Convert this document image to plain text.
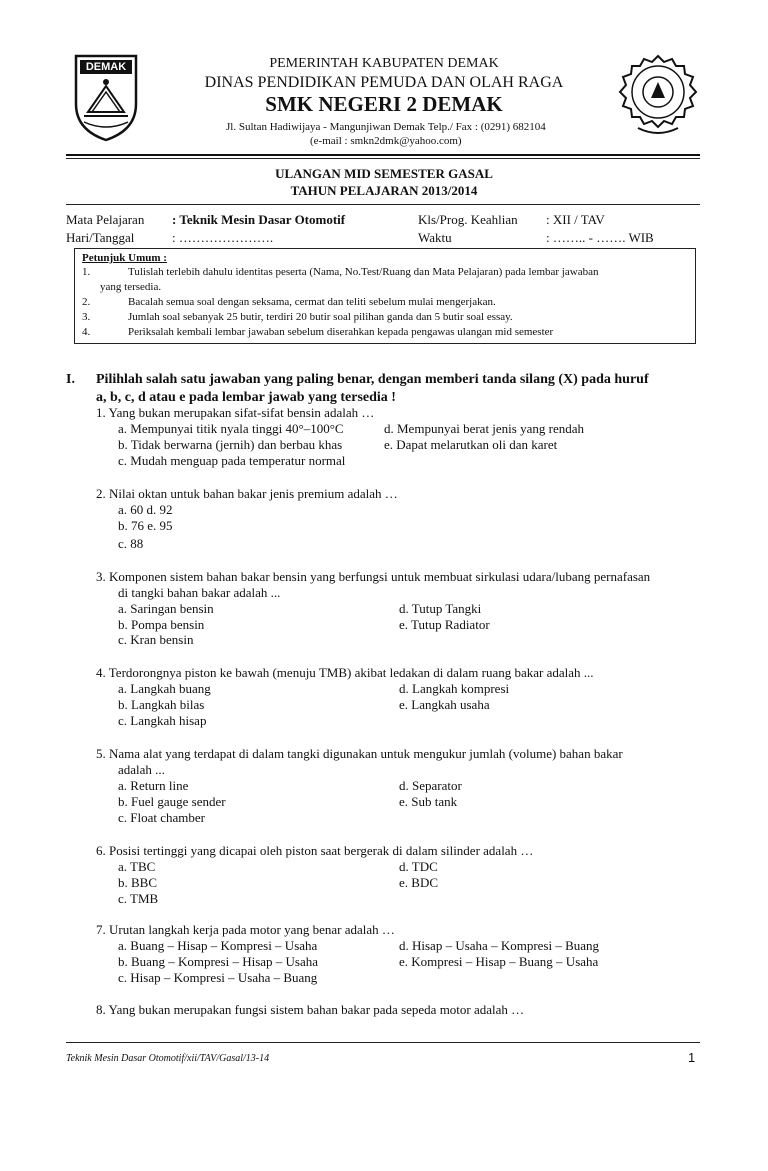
DEMAK	PEMERINTAH KABUPATEN DEMAK
DINAS PENDIDIKAN PEMUDA DAN OLAH RAGA
SMK NEGERI 2 DEMAK
Jl. Sultan Hadiwijaya - Mangunjiwan Demak Telp./ Fax : (0291) 682104
(e-mail : smkn2dmk@yahoo.com)
ULANGAN MID SEMESTER GASAL
TAHUN PELAJARAN 2013/2014
Mata Pelajaran : Teknik Mesin Dasar Otomotif	Kls/Prog. Keahlian : XII / TAV
Hari/Tanggal	: ………………….	Waktu	: …….. - ……. WIB
Petunjuk Umum :
1.	Tulislah terlebih dahulu identitas peserta (Nama, No.Test/Ruang dan Mata Pelajaran) pada lembar jawaban
yang tersedia.
2.	Bacalah semua soal dengan seksama, cermat dan teliti sebelum mulai mengerjakan.
3.	Jumlah soal sebanyak 25 butir, terdiri 20 butir soal pilihan ganda dan 5 butir soal essay.
4.	Periksalah kembali lembar jawaban sebelum diserahkan kepada pengawas ulangan mid semester
I. Pilihlah salah satu jawaban yang paling benar, dengan memberi tanda silang (X) pada huruf
a, b, c, d atau e pada lembar jawab yang tersedia !
1. Yang bukan merupakan sifat-sifat bensin adalah …
a. Mempunyai titik nyala tinggi 40°–100°C	d. Mempunyai berat jenis yang rendah
b. Tidak berwarna (jernih) dan berbau khas	e. Dapat melarutkan oli dan karet
c. Mudah menguap pada temperatur normal
2. Nilai oktan untuk bahan bakar jenis premium adalah …
a. 60 d. 92
b. 76 e. 95
c. 88
3. Komponen sistem bahan bakar bensin yang berfungsi untuk membuat sirkulasi udara/lubang pernafasan
di tangki bahan bakar adalah ...
a. Saringan bensin	d. Tutup Tangki
b. Pompa bensin	e. Tutup Radiator
c. Kran bensin
4. Terdorongnya piston ke bawah (menuju TMB) akibat ledakan di dalam ruang bakar adalah ...
a. Langkah buang	d. Langkah kompresi
b. Langkah bilas	e. Langkah usaha
c. Langkah hisap
5. Nama alat yang terdapat di dalam tangki digunakan untuk mengukur jumlah (volume) bahan bakar
adalah ...
a. Return line	d. Separator
b. Fuel gauge sender	e. Sub tank
c. Float chamber
6. Posisi tertinggi yang dicapai oleh piston saat bergerak di dalam silinder adalah …
a. TBC	d. TDC
b. BBC	e. BDC
c. TMB
7. Urutan langkah kerja pada motor yang benar adalah …
a. Buang – Hisap – Kompresi – Usaha	d. Hisap – Usaha – Kompresi – Buang
b. Buang – Kompresi – Hisap – Usaha	e. Kompresi – Hisap – Buang – Usaha
c. Hisap – Kompresi – Usaha – Buang
8. Yang bukan merupakan fungsi sistem bahan bakar pada sepeda motor adalah …
Teknik Mesin Dasar Otomotif/xii/TAV/Gasal/13-14	1
